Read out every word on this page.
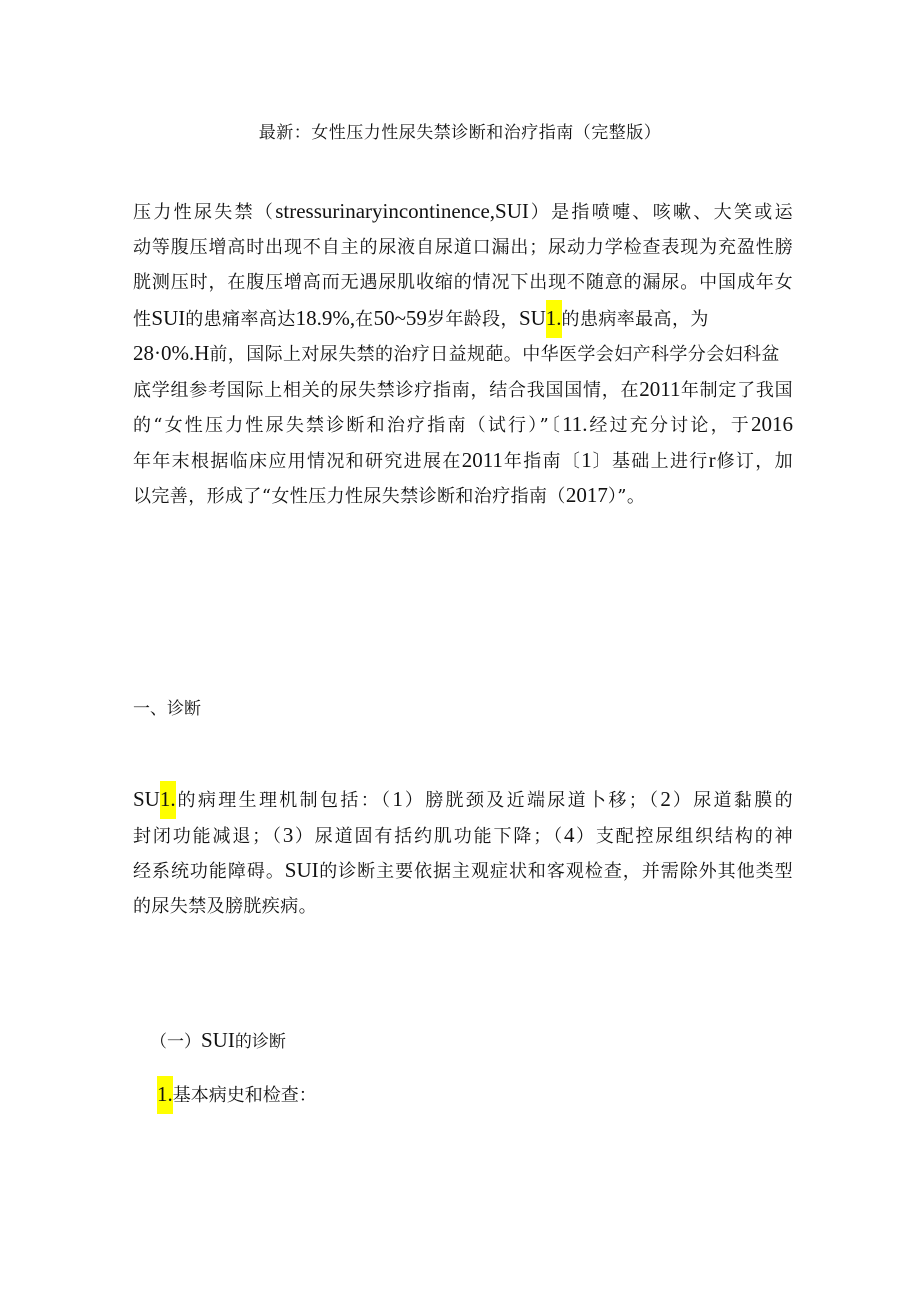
最新：女性压力性尿失禁诊断和治疗指南（完整版）
压力性尿失禁（stressurinaryincontinence,SUI）是指喷嚏、咳嗽、大笑或运
动等腹压增高时出现不自主的尿液自尿道口漏出；尿动力学检查表现为充盈性膀
胱测压时，在腹压增高而无遇尿肌收缩的情况下出现不随意的漏尿。中国成年女
性SUI的患痛率高达18.9%,在50~59岁年龄段，SU1.的患病率最高，为
28·0%.H前，国际上对尿失禁的治疗日益规葩。中华医学会妇产科学分会妇科盆
底学组参考国际上相关的尿失禁诊疗指南，结合我国国情，在2011年制定了我国
的“女性压力性尿失禁诊断和治疗指南（试行）”〔11.经过充分讨论，于2016
年年末根据临床应用情况和研究进展在2011年指南〔1〕基础上进行r修订，加
以完善，形成了“女性压力性尿失禁诊断和治疗指南（2017）”。
一、诊断
SU1.的病理生理机制包括：（1）膀胱颈及近端尿道卜移；（2）尿道黏膜的
封闭功能减退；（3）尿道固有括约肌功能下降；（4）支配控尿组织结构的神
经系统功能障碍。SUI的诊断主要依据主观症状和客观检查，并需除外其他类型
的尿失禁及膀胱疾病。
（一）SUI的诊断
1.基本病史和检查：
